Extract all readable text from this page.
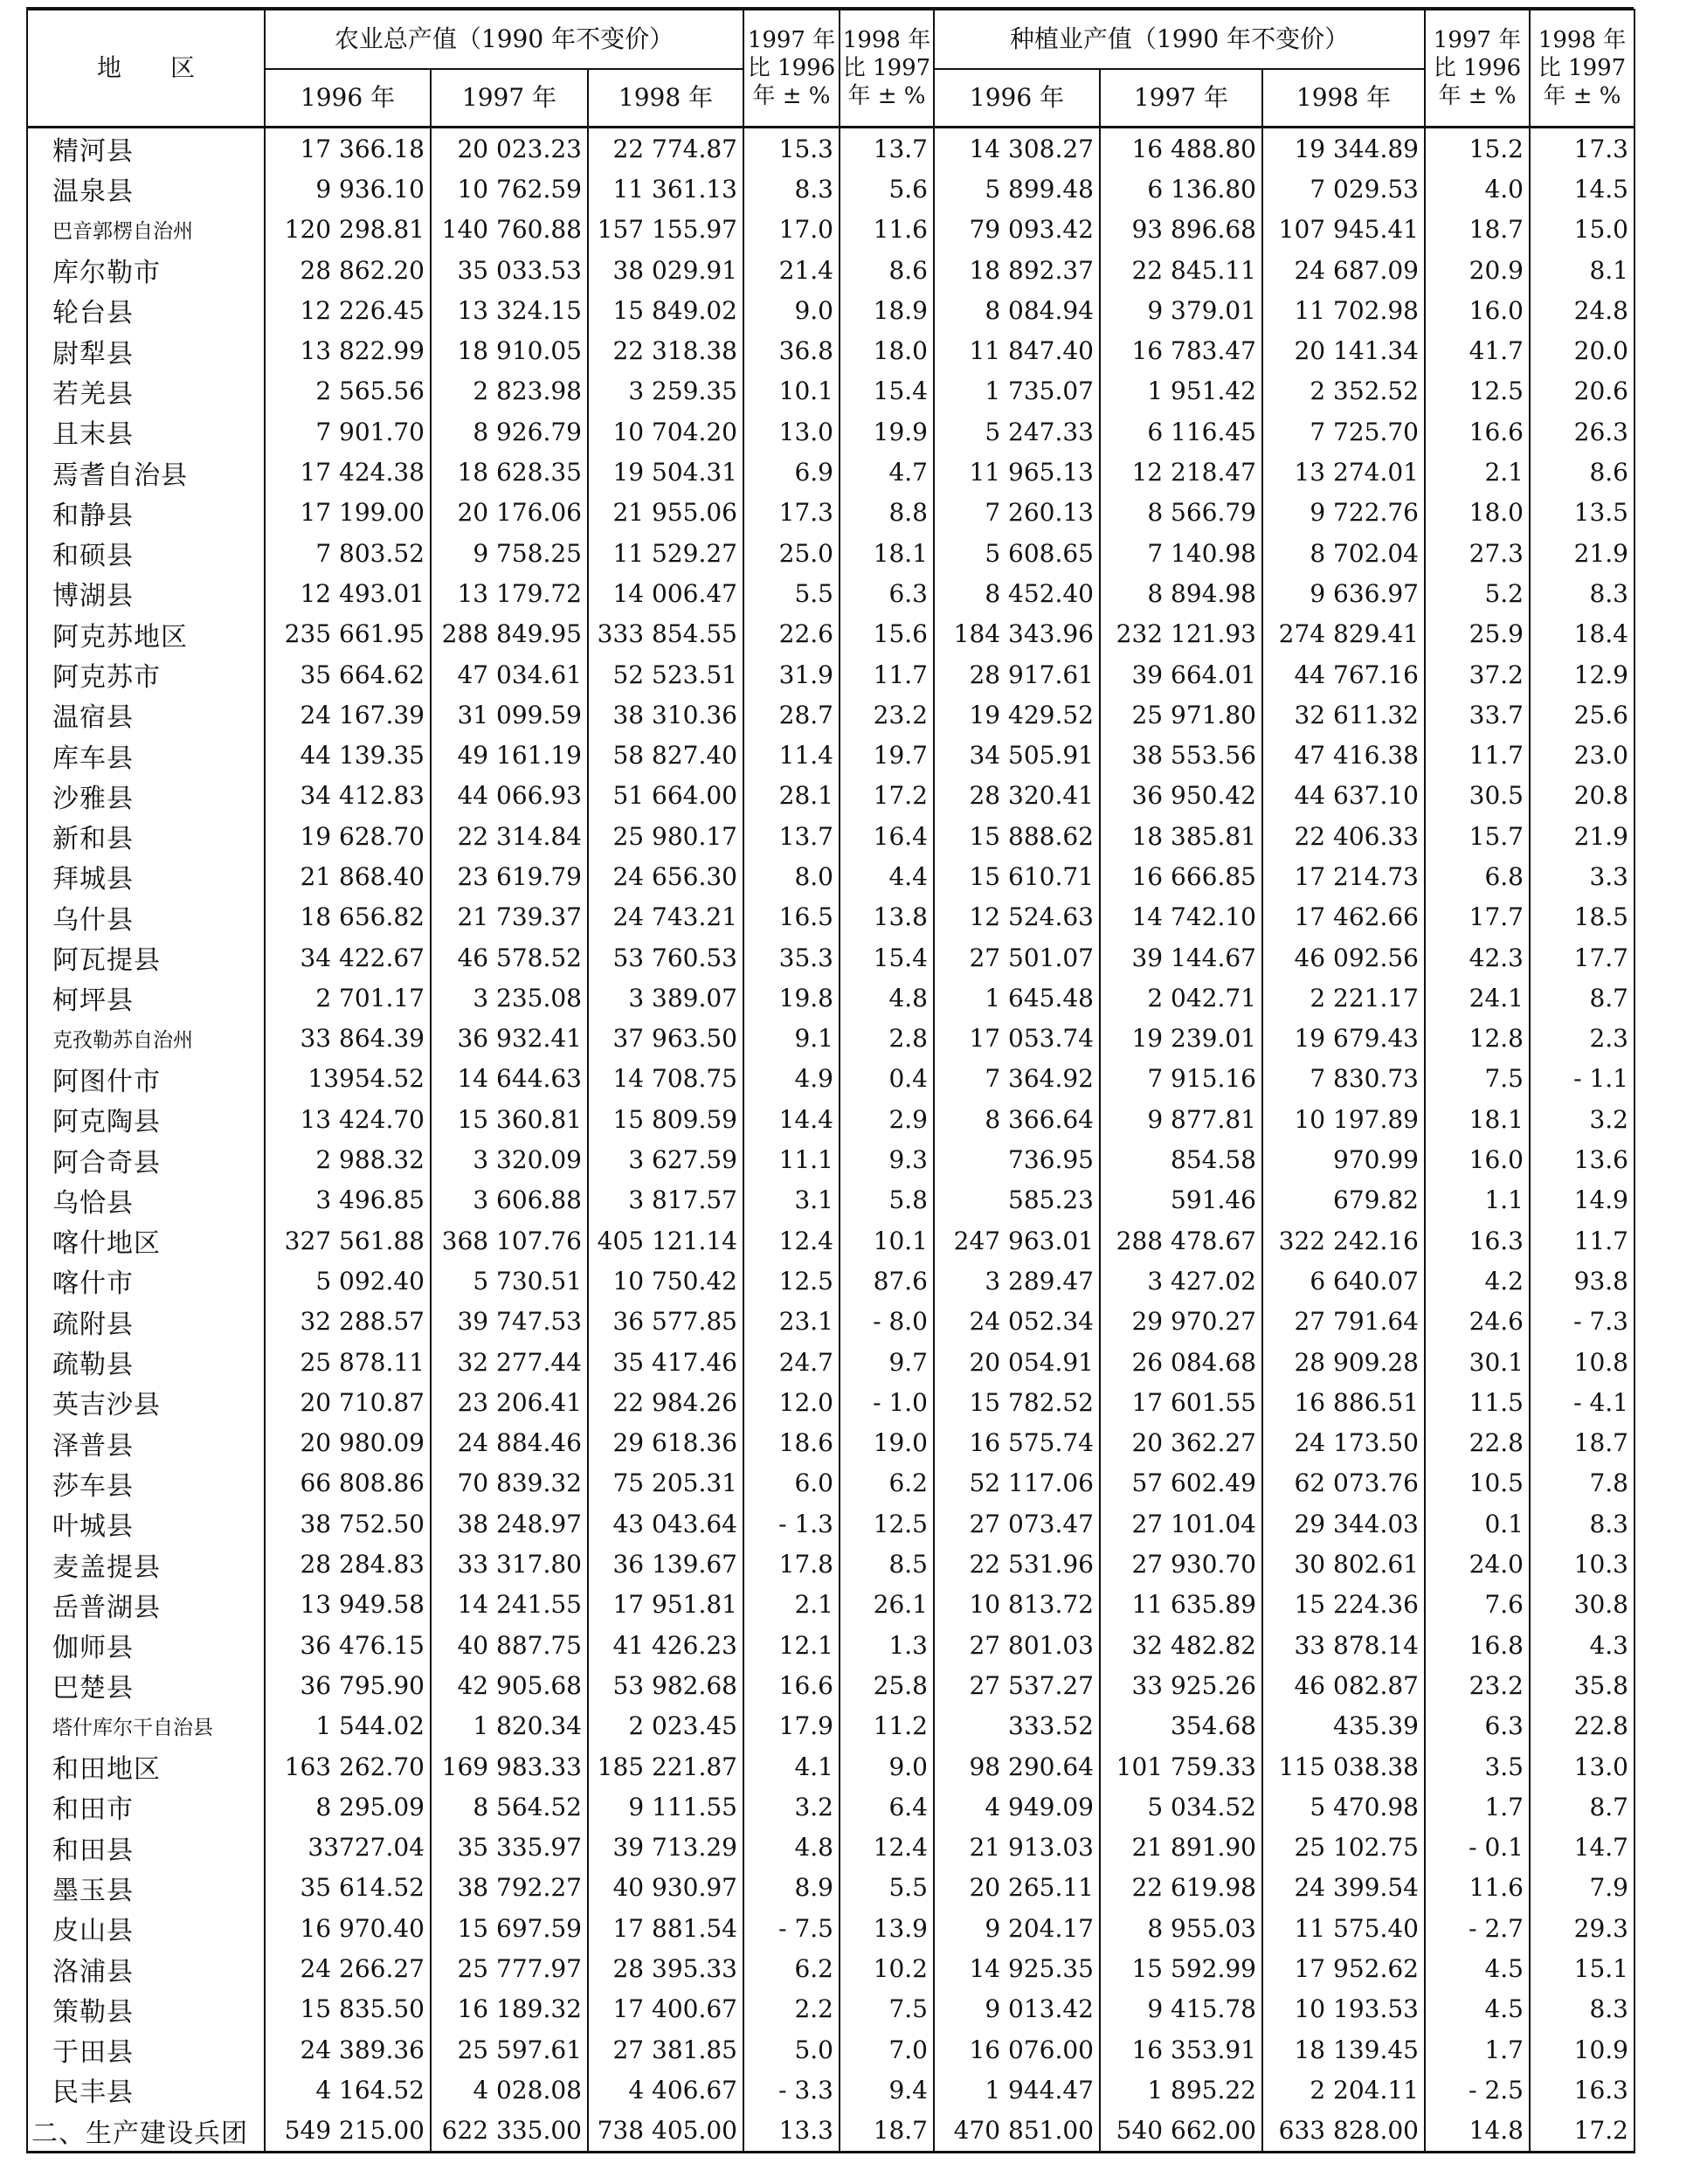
地　　区	农业总产值（1990 年不变价）			1997 年 比 1996 年 ± %	1998 年 比 1997 年 ± %	种植业产值（1990 年不变价）			1997 年 比 1996 年 ± %	1998 年 比 1997 年 ± %
	1996 年	1997 年	1998 年			1996 年	1997 年	1998 年		
精河县	17 366.18	20 023.23	22 774.87	15.3	13.7	14 308.27	16 488.80	19 344.89	15.2	17.3
温泉县	9 936.10	10 762.59	11 361.13	8.3	5.6	5 899.48	6 136.80	7 029.53	4.0	14.5
巴音郭楞自治州	120 298.81	140 760.88	157 155.97	17.0	11.6	79 093.42	93 896.68	107 945.41	18.7	15.0
库尔勒市	28 862.20	35 033.53	38 029.91	21.4	8.6	18 892.37	22 845.11	24 687.09	20.9	8.1
轮台县	12 226.45	13 324.15	15 849.02	9.0	18.9	8 084.94	9 379.01	11 702.98	16.0	24.8
尉犁县	13 822.99	18 910.05	22 318.38	36.8	18.0	11 847.40	16 783.47	20 141.34	41.7	20.0
若羌县	2 565.56	2 823.98	3 259.35	10.1	15.4	1 735.07	1 951.42	2 352.52	12.5	20.6
且末县	7 901.70	8 926.79	10 704.20	13.0	19.9	5 247.33	6 116.45	7 725.70	16.6	26.3
焉耆自治县	17 424.38	18 628.35	19 504.31	6.9	4.7	11 965.13	12 218.47	13 274.01	2.1	8.6
和静县	17 199.00	20 176.06	21 955.06	17.3	8.8	7 260.13	8 566.79	9 722.76	18.0	13.5
和硕县	7 803.52	9 758.25	11 529.27	25.0	18.1	5 608.65	7 140.98	8 702.04	27.3	21.9
博湖县	12 493.01	13 179.72	14 006.47	5.5	6.3	8 452.40	8 894.98	9 636.97	5.2	8.3
阿克苏地区	235 661.95	288 849.95	333 854.55	22.6	15.6	184 343.96	232 121.93	274 829.41	25.9	18.4
阿克苏市	35 664.62	47 034.61	52 523.51	31.9	11.7	28 917.61	39 664.01	44 767.16	37.2	12.9
温宿县	24 167.39	31 099.59	38 310.36	28.7	23.2	19 429.52	25 971.80	32 611.32	33.7	25.6
库车县	44 139.35	49 161.19	58 827.40	11.4	19.7	34 505.91	38 553.56	47 416.38	11.7	23.0
沙雅县	34 412.83	44 066.93	51 664.00	28.1	17.2	28 320.41	36 950.42	44 637.10	30.5	20.8
新和县	19 628.70	22 314.84	25 980.17	13.7	16.4	15 888.62	18 385.81	22 406.33	15.7	21.9
拜城县	21 868.40	23 619.79	24 656.30	8.0	4.4	15 610.71	16 666.85	17 214.73	6.8	3.3
乌什县	18 656.82	21 739.37	24 743.21	16.5	13.8	12 524.63	14 742.10	17 462.66	17.7	18.5
阿瓦提县	34 422.67	46 578.52	53 760.53	35.3	15.4	27 501.07	39 144.67	46 092.56	42.3	17.7
柯坪县	2 701.17	3 235.08	3 389.07	19.8	4.8	1 645.48	2 042.71	2 221.17	24.1	8.7
克孜勒苏自治州	33 864.39	36 932.41	37 963.50	9.1	2.8	17 053.74	19 239.01	19 679.43	12.8	2.3
阿图什市	13954.52	14 644.63	14 708.75	4.9	0.4	7 364.92	7 915.16	7 830.73	7.5	- 1.1
阿克陶县	13 424.70	15 360.81	15 809.59	14.4	2.9	8 366.64	9 877.81	10 197.89	18.1	3.2
阿合奇县	2 988.32	3 320.09	3 627.59	11.1	9.3	736.95	854.58	970.99	16.0	13.6
乌恰县	3 496.85	3 606.88	3 817.57	3.1	5.8	585.23	591.46	679.82	1.1	14.9
喀什地区	327 561.88	368 107.76	405 121.14	12.4	10.1	247 963.01	288 478.67	322 242.16	16.3	11.7
喀什市	5 092.40	5 730.51	10 750.42	12.5	87.6	3 289.47	3 427.02	6 640.07	4.2	93.8
疏附县	32 288.57	39 747.53	36 577.85	23.1	- 8.0	24 052.34	29 970.27	27 791.64	24.6	- 7.3
疏勒县	25 878.11	32 277.44	35 417.46	24.7	9.7	20 054.91	26 084.68	28 909.28	30.1	10.8
英吉沙县	20 710.87	23 206.41	22 984.26	12.0	- 1.0	15 782.52	17 601.55	16 886.51	11.5	- 4.1
泽普县	20 980.09	24 884.46	29 618.36	18.6	19.0	16 575.74	20 362.27	24 173.50	22.8	18.7
莎车县	66 808.86	70 839.32	75 205.31	6.0	6.2	52 117.06	57 602.49	62 073.76	10.5	7.8
叶城县	38 752.50	38 248.97	43 043.64	- 1.3	12.5	27 073.47	27 101.04	29 344.03	0.1	8.3
麦盖提县	28 284.83	33 317.80	36 139.67	17.8	8.5	22 531.96	27 930.70	30 802.61	24.0	10.3
岳普湖县	13 949.58	14 241.55	17 951.81	2.1	26.1	10 813.72	11 635.89	15 224.36	7.6	30.8
伽师县	36 476.15	40 887.75	41 426.23	12.1	1.3	27 801.03	32 482.82	33 878.14	16.8	4.3
巴楚县	36 795.90	42 905.68	53 982.68	16.6	25.8	27 537.27	33 925.26	46 082.87	23.2	35.8
塔什库尔干自治县	1 544.02	1 820.34	2 023.45	17.9	11.2	333.52	354.68	435.39	6.3	22.8
和田地区	163 262.70	169 983.33	185 221.87	4.1	9.0	98 290.64	101 759.33	115 038.38	3.5	13.0
和田市	8 295.09	8 564.52	9 111.55	3.2	6.4	4 949.09	5 034.52	5 470.98	1.7	8.7
和田县	33727.04	35 335.97	39 713.29	4.8	12.4	21 913.03	21 891.90	25 102.75	- 0.1	14.7
墨玉县	35 614.52	38 792.27	40 930.97	8.9	5.5	20 265.11	22 619.98	24 399.54	11.6	7.9
皮山县	16 970.40	15 697.59	17 881.54	- 7.5	13.9	9 204.17	8 955.03	11 575.40	- 2.7	29.3
洛浦县	24 266.27	25 777.97	28 395.33	6.2	10.2	14 925.35	15 592.99	17 952.62	4.5	15.1
策勒县	15 835.50	16 189.32	17 400.67	2.2	7.5	9 013.42	9 415.78	10 193.53	4.5	8.3
于田县	24 389.36	25 597.61	27 381.85	5.0	7.0	16 076.00	16 353.91	18 139.45	1.7	10.9
民丰县	4 164.52	4 028.08	4 406.67	- 3.3	9.4	1 944.47	1 895.22	2 204.11	- 2.5	16.3
二、生产建设兵团	549 215.00	622 335.00	738 405.00	13.3	18.7	470 851.00	540 662.00	633 828.00	14.8	17.2
